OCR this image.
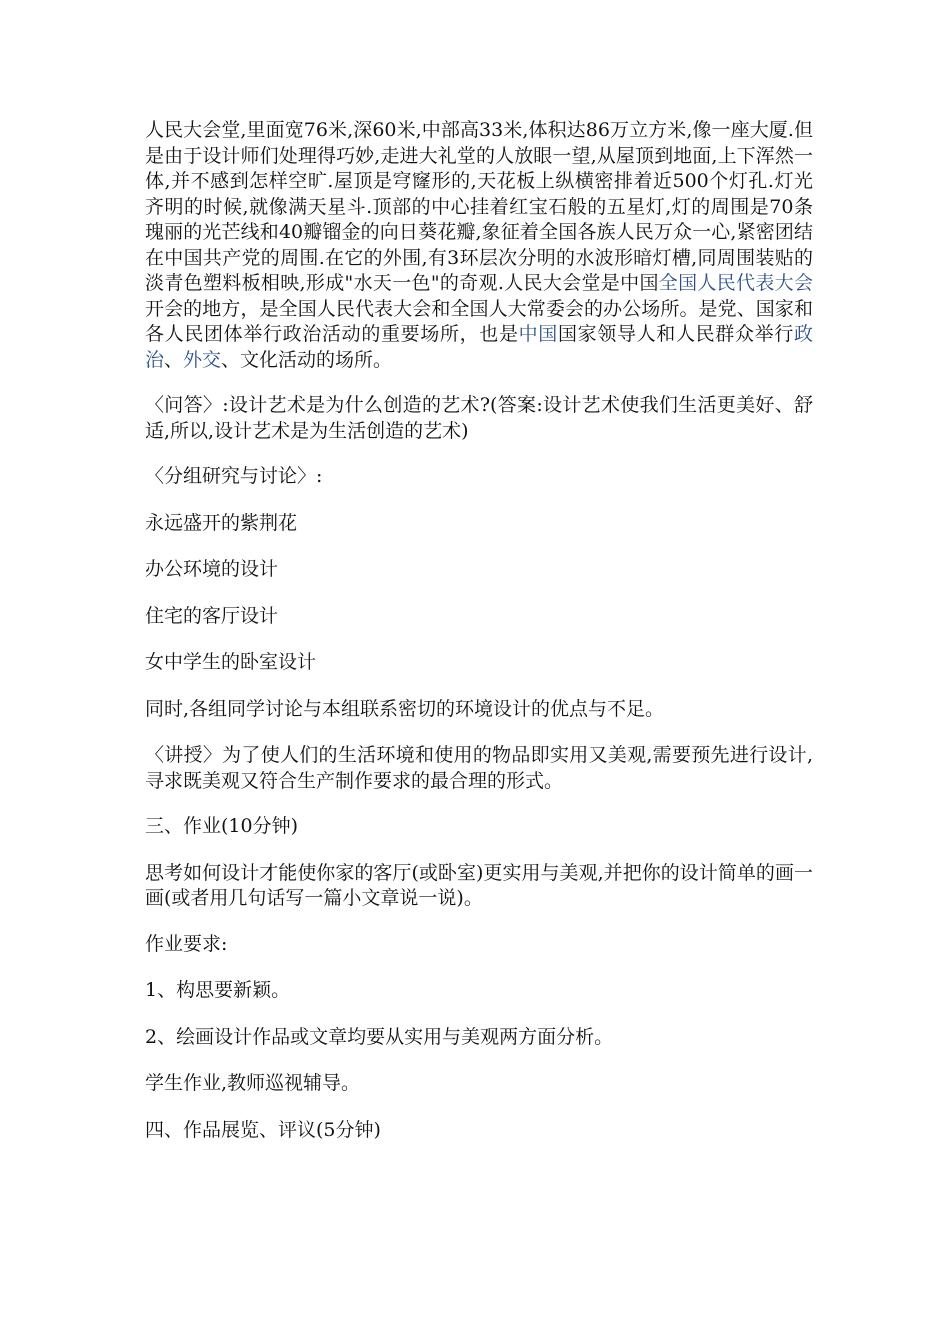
人民大会堂,里面宽76米,深60米,中部高33米,体积达86万立方米,像一座大厦.但是由于设计师们处理得巧妙,走进大礼堂的人放眼一望,从屋顶到地面,上下浑然一体,并不感到怎样空旷.屋顶是穹窿形的,天花板上纵横密排着近500个灯孔.灯光齐明的时候,就像满天星斗.顶部的中心挂着红宝石般的五星灯,灯的周围是70条瑰丽的光芒线和40瓣镏金的向日葵花瓣,象征着全国各族人民万众一心,紧密团结在中国共产党的周围.在它的外围,有3环层次分明的水波形暗灯槽,同周围装贴的淡青色塑料板相映,形成"水天一色"的奇观.人民大会堂是中国全国人民代表大会开会的地方，是全国人民代表大会和全国人大常委会的办公场所。是党、国家和各人民团体举行政治活动的重要场所，也是中国国家领导人和人民群众举行政治、外交、文化活动的场所。

〈问答〉:设计艺术是为什么创造的艺术?(答案:设计艺术使我们生活更美好、舒适,所以,设计艺术是为生活创造的艺术)

〈分组研究与讨论〉:

永远盛开的紫荆花

办公环境的设计

住宅的客厅设计

女中学生的卧室设计

同时,各组同学讨论与本组联系密切的环境设计的优点与不足。

〈讲授〉为了使人们的生活环境和使用的物品即实用又美观,需要预先进行设计,寻求既美观又符合生产制作要求的最合理的形式。

三、作业(10分钟)

思考如何设计才能使你家的客厅(或卧室)更实用与美观,并把你的设计简单的画一画(或者用几句话写一篇小文章说一说)。

作业要求:

1、构思要新颖。

2、绘画设计作品或文章均要从实用与美观两方面分析。

学生作业,教师巡视辅导。

四、作品展览、评议(5分钟)
